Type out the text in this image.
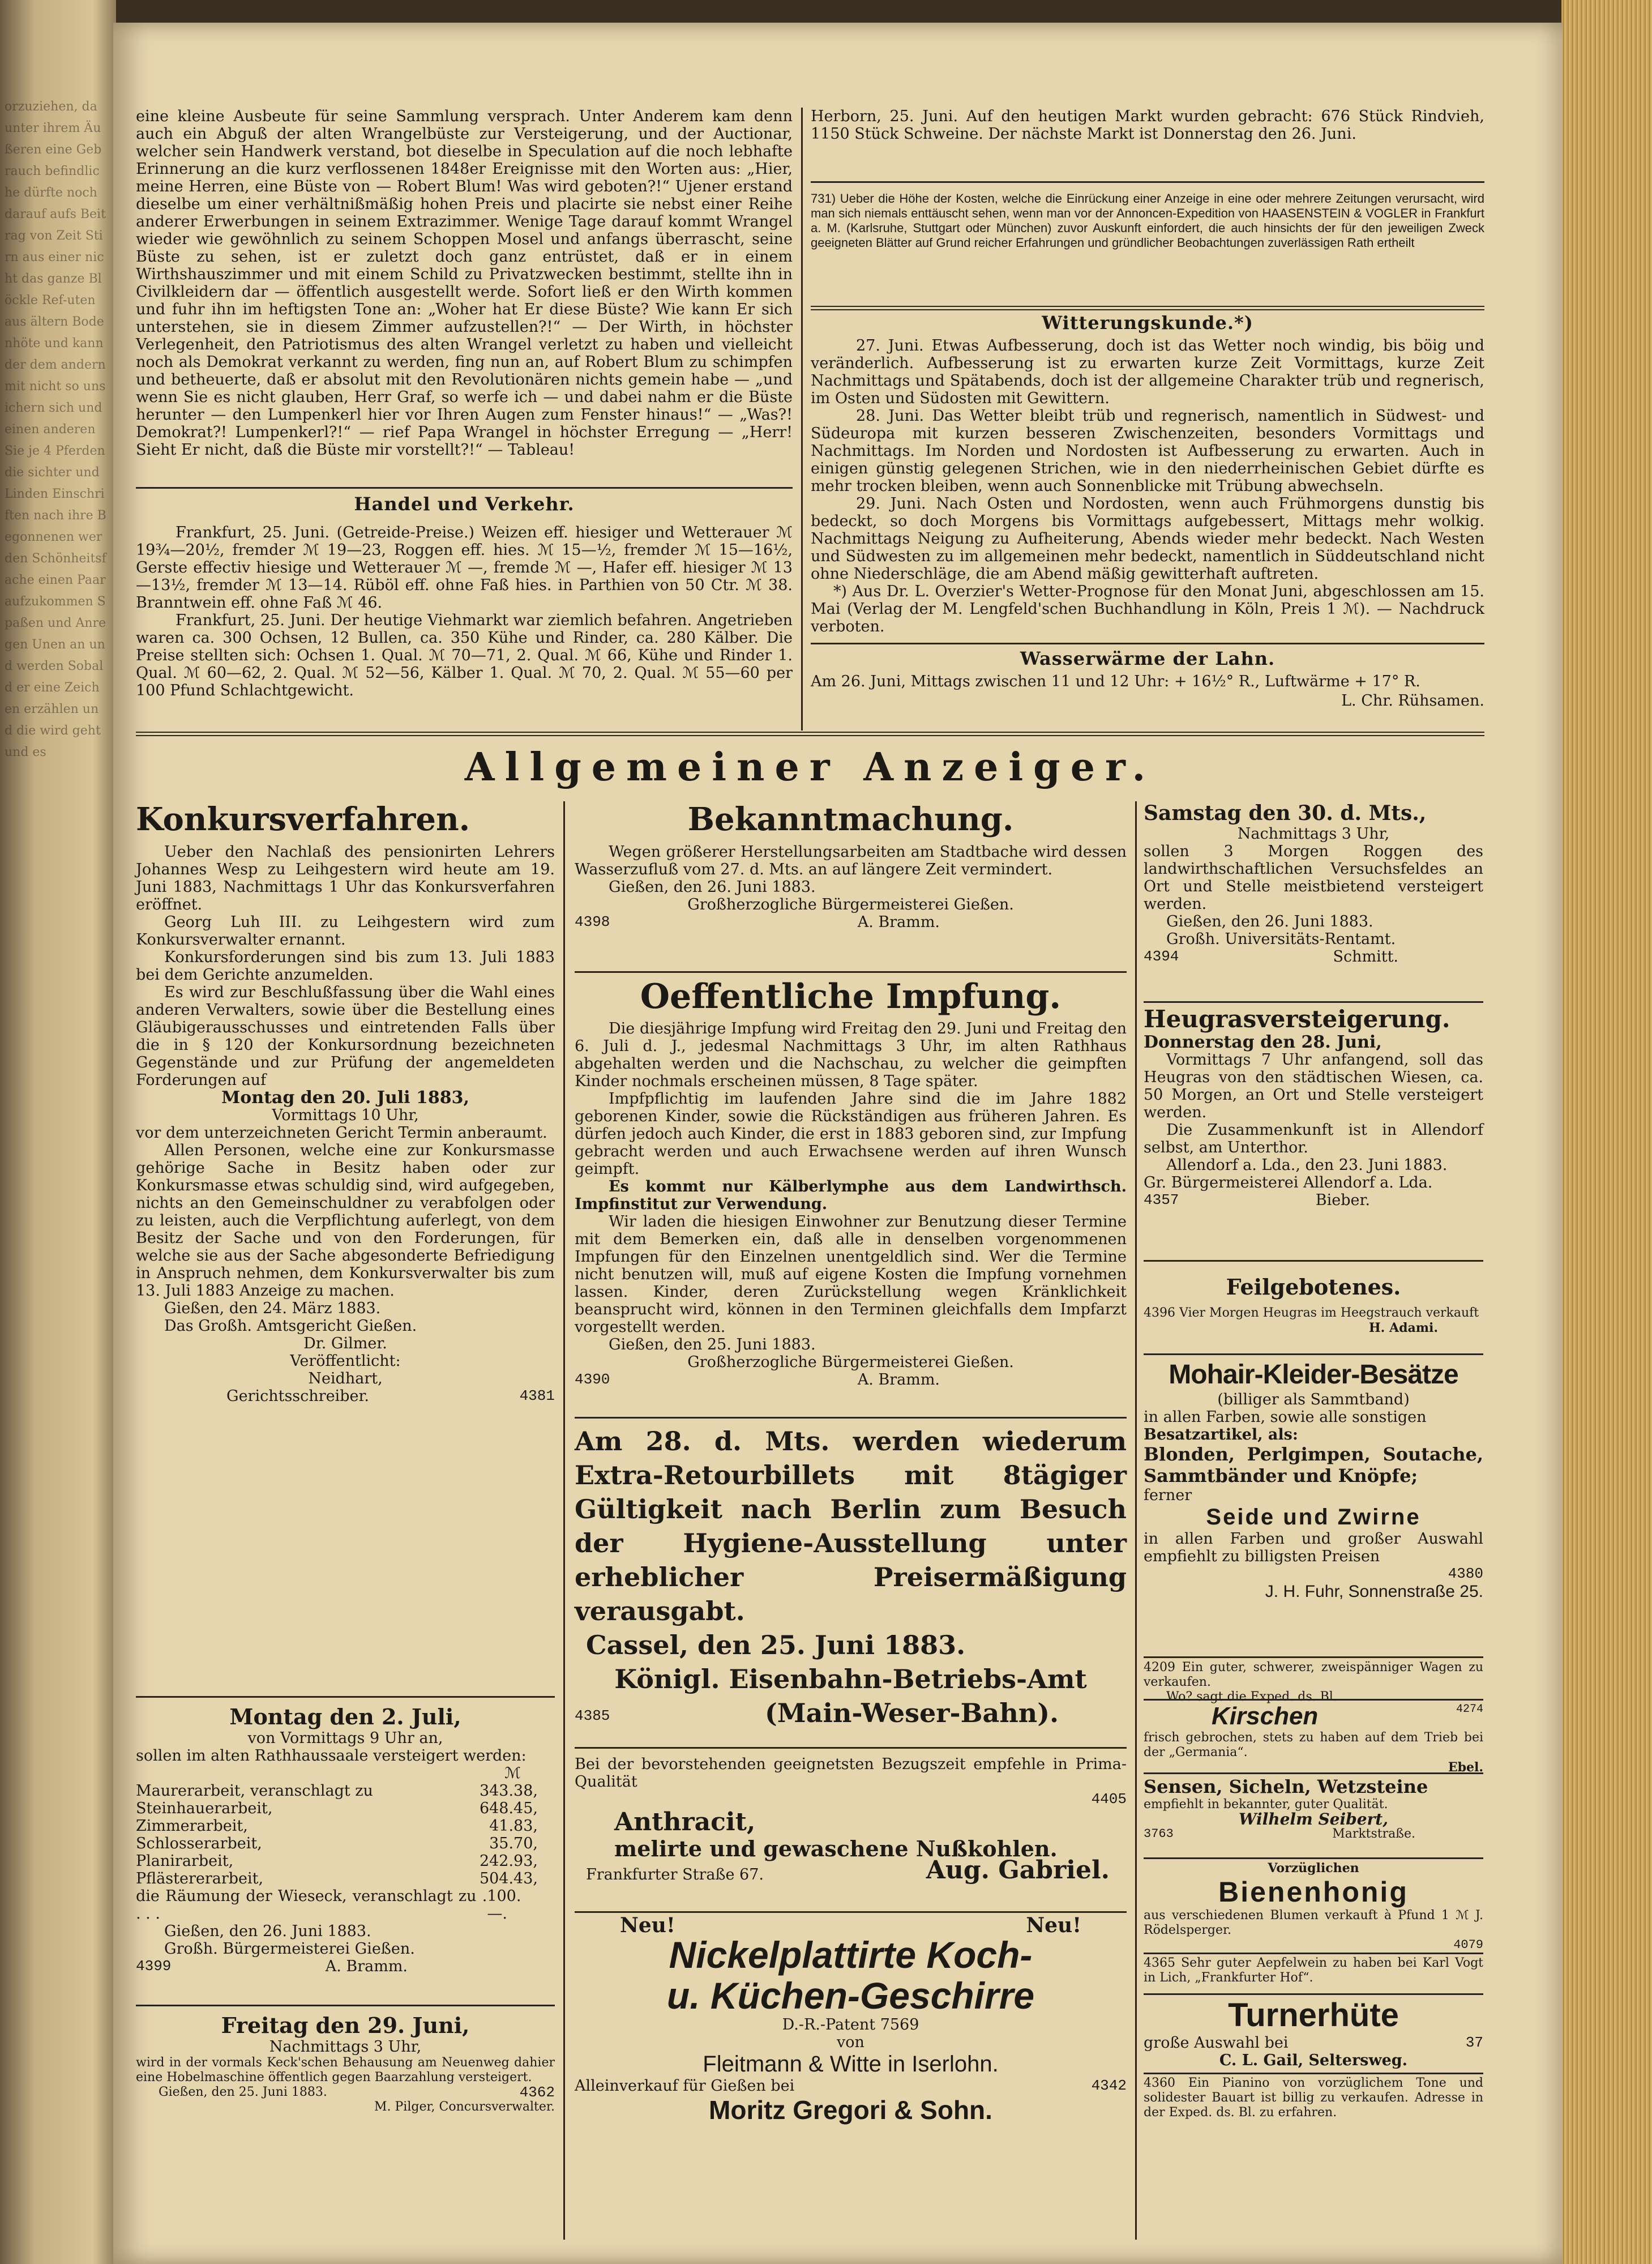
orzuziehen, da unter ihrem Äußeren eine Gebrauch befindliche dürfte noch darauf aufs Beitrag von Zeit Stirn aus einer nicht das ganze Blöckle Ref-uten aus ältern Bodenhöte und kann der dem andern mit nicht so unsichern sich und einen anderen Sie je 4 Pferden die sichter und Linden Einschriften nach ihre Begonnenen werden Schönheitsfache einen Paar aufzukommen Spaßen und Anregen Unen an und werden Sobald er eine Zeichen erzählen und die wird geht und es

eine kleine Ausbeute für seine Sammlung versprach. Unter Anderem kam denn auch ein Abguß der alten Wrangelbüste zur Versteigerung, und der Auctionar, welcher sein Handwerk verstand, bot dieselbe in Speculation auf die noch lebhafte Erinnerung an die kurz verflossenen 1848er Ereignisse mit den Worten aus: „Hier, meine Herren, eine Büste von — Robert Blum! Was wird geboten?!“ Ujener erstand dieselbe um einer verhältnißmäßig hohen Preis und placirte sie nebst einer Reihe anderer Erwerbungen in seinem Extrazimmer. Wenige Tage darauf kommt Wrangel wieder wie gewöhnlich zu seinem Schoppen Mosel und anfangs überrascht, seine Büste zu sehen, ist er zuletzt doch ganz entrüstet, daß er in einem Wirthshauszimmer und mit einem Schild zu Privatzwecken bestimmt, stellte ihn in Civilkleidern dar — öffentlich ausgestellt werde. Sofort ließ er den Wirth kommen und fuhr ihn im heftigsten Tone an: „Woher hat Er diese Büste? Wie kann Er sich unterstehen, sie in diesem Zimmer aufzustellen?!“ — Der Wirth, in höchster Verlegenheit, den Patriotismus des alten Wrangel verletzt zu haben und vielleicht noch als Demokrat verkannt zu werden, fing nun an, auf Robert Blum zu schimpfen und betheuerte, daß er absolut mit den Revolutionären nichts gemein habe — „und wenn Sie es nicht glauben, Herr Graf, so werfe ich — und dabei nahm er die Büste herunter — den Lumpenkerl hier vor Ihren Augen zum Fenster hinaus!“ — „Was?! Demokrat?! Lumpenkerl?!“ — rief Papa Wrangel in höchster Erregung — „Herr! Sieht Er nicht, daß die Büste mir vorstellt?!“ — Tableau!

Handel und Verkehr.

Frankfurt, 25. Juni. (Getreide-Preise.) Weizen eff. hiesiger und Wetterauer ℳ 19¾—20½, fremder ℳ 19—23, Roggen eff. hies. ℳ 15—½, fremder ℳ 15—16½, Gerste effectiv hiesige und Wetterauer ℳ —, fremde ℳ —, Hafer eff. hiesiger ℳ 13—13½, fremder ℳ 13—14. Rüböl eff. ohne Faß hies. in Parthien von 50 Ctr. ℳ 38. Branntwein eff. ohne Faß ℳ 46.

Frankfurt, 25. Juni. Der heutige Viehmarkt war ziemlich befahren. Angetrieben waren ca. 300 Ochsen, 12 Bullen, ca. 350 Kühe und Rinder, ca. 280 Kälber. Die Preise stellten sich: Ochsen 1. Qual. ℳ 70—71, 2. Qual. ℳ 66, Kühe und Rinder 1. Qual. ℳ 60—62, 2. Qual. ℳ 52—56, Kälber 1. Qual. ℳ 70, 2. Qual. ℳ 55—60 per 100 Pfund Schlachtgewicht.

Herborn, 25. Juni. Auf den heutigen Markt wurden gebracht: 676 Stück Rindvieh, 1150 Stück Schweine. Der nächste Markt ist Donnerstag den 26. Juni.
731) Ueber die Höhe der Kosten, welche die Einrückung einer Anzeige in eine oder mehrere Zeitungen verursacht, wird man sich niemals enttäuscht sehen, wenn man vor der Annoncen-Expedition von HAASENSTEIN & VOGLER in Frankfurt a. M. (Karlsruhe, Stuttgart oder München) zuvor Auskunft einfordert, die auch hinsichts der für den jeweiligen Zweck geeigneten Blätter auf Grund reicher Erfahrungen und gründlicher Beobachtungen zuverlässigen Rath ertheilt
Witterungskunde.*)

27. Juni. Etwas Aufbesserung, doch ist das Wetter noch windig, bis böig und veränderlich. Aufbesserung ist zu erwarten kurze Zeit Vormittags, kurze Zeit Nachmittags und Spätabends, doch ist der allgemeine Charakter trüb und regnerisch, im Osten und Südosten mit Gewittern.

28. Juni. Das Wetter bleibt trüb und regnerisch, namentlich in Südwest- und Südeuropa mit kurzen besseren Zwischenzeiten, besonders Vormittags und Nachmittags. Im Norden und Nordosten ist Aufbesserung zu erwarten. Auch in einigen günstig gelegenen Strichen, wie in den niederrheinischen Gebiet dürfte es mehr trocken bleiben, wenn auch Sonnenblicke mit Trübung abwechseln.

29. Juni. Nach Osten und Nordosten, wenn auch Frühmorgens dunstig bis bedeckt, so doch Morgens bis Vormittags aufgebessert, Mittags mehr wolkig. Nachmittags Neigung zu Aufheiterung, Abends wieder mehr bedeckt. Nach Westen und Südwesten zu im allgemeinen mehr bedeckt, namentlich in Süddeutschland nicht ohne Niederschläge, die am Abend mäßig gewitterhaft auftreten.

*) Aus Dr. L. Overzier's Wetter-Prognose für den Monat Juni, abgeschlossen am 15. Mai (Verlag der M. Lengfeld'schen Buchhandlung in Köln, Preis 1 ℳ). — Nachdruck verboten.

Wasserwärme der Lahn.
Am 26. Juni, Mittags zwischen 11 und 12 Uhr: + 16½° R., Luftwärme + 17° R.
L. Chr. Rühsamen.
Allgemeiner Anzeiger.
Konkursverfahren.

Ueber den Nachlaß des pensionirten Lehrers Johannes Wesp zu Leihgestern wird heute am 19. Juni 1883, Nachmittags 1 Uhr das Konkursverfahren eröffnet.

Georg Luh III. zu Leihgestern wird zum Konkursverwalter ernannt.

Konkursforderungen sind bis zum 13. Juli 1883 bei dem Gerichte anzumelden.

Es wird zur Beschlußfassung über die Wahl eines anderen Verwalters, sowie über die Bestellung eines Gläubigerausschusses und eintretenden Falls über die in § 120 der Konkursordnung bezeichneten Gegenstände und zur Prüfung der angemeldeten Forderungen auf

Montag den 20. Juli 1883,

Vormittags 10 Uhr,

vor dem unterzeichneten Gericht Termin anberaumt.

Allen Personen, welche eine zur Konkursmasse gehörige Sache in Besitz haben oder zur Konkursmasse etwas schuldig sind, wird aufgegeben, nichts an den Gemeinschuldner zu verabfolgen oder zu leisten, auch die Verpflichtung auferlegt, von dem Besitz der Sache und von den Forderungen, für welche sie aus der Sache abgesonderte Befriedigung in Anspruch nehmen, dem Konkursverwalter bis zum 13. Juli 1883 Anzeige zu machen.

Gießen, den 24. März 1883.

Das Großh. Amtsgericht Gießen.

Dr. Gilmer.

Veröffentlicht:

Neidhart,

Gerichtsschreiber.	4381

Montag den 2. Juli,

von Vormittags 9 Uhr an,

sollen im alten Rathhaussaale versteigert werden:

ℳ
Maurerarbeit, veranschlagt zu	343.38,
Steinhauerarbeit,	648.45,
Zimmerarbeit,	41.83,
Schlosserarbeit,	35.70,
Planirarbeit,	242.93,
Pflästererarbeit,	504.43,
die Räumung der Wieseck, veranschlagt zu . . . .
100.—.

Gießen, den 26. Juni 1883.

Großh. Bürgermeisterei Gießen.

4399	A. Bramm.

Freitag den 29. Juni,

Nachmittags 3 Uhr,

wird in der vormals Keck'schen Behausung am Neuenweg dahier eine Hobelmaschine öffentlich gegen Baarzahlung versteigert.

Gießen, den 25. Juni 1883.	4362

M. Pilger, Concursverwalter.

Bekanntmachung.

Wegen größerer Herstellungsarbeiten am Stadtbache wird dessen Wasserzufluß vom 27. d. Mts. an auf längere Zeit vermindert.

Gießen, den 26. Juni 1883.

Großherzogliche Bürgermeisterei Gießen.

4398	A. Bramm.
Oeffentliche Impfung.

Die diesjährige Impfung wird Freitag den 29. Juni und Freitag den 6. Juli d. J., jedesmal Nachmittags 3 Uhr, im alten Rathhaus abgehalten werden und die Nachschau, zu welcher die geimpften Kinder nochmals erscheinen müssen, 8 Tage später.

Impfpflichtig im laufenden Jahre sind die im Jahre 1882 geborenen Kinder, sowie die Rückständigen aus früheren Jahren. Es dürfen jedoch auch Kinder, die erst in 1883 geboren sind, zur Impfung gebracht werden und auch Erwachsene werden auf ihren Wunsch geimpft.

Es kommt nur Kälberlymphe aus dem Landwirthsch. Impfinstitut zur Verwendung.

Wir laden die hiesigen Einwohner zur Benutzung dieser Termine mit dem Bemerken ein, daß alle in denselben vorgenommenen Impfungen für den Einzelnen unentgeldlich sind. Wer die Termine nicht benutzen will, muß auf eigene Kosten die Impfung vornehmen lassen. Kinder, deren Zurückstellung wegen Kränklichkeit beansprucht wird, können in den Terminen gleichfalls dem Impfarzt vorgestellt werden.

Gießen, den 25. Juni 1883.

Großherzogliche Bürgermeisterei Gießen.

4390	A. Bramm.

Am 28. d. Mts. werden wiederum Extra-Retourbillets mit 8tägiger Gültigkeit nach Berlin zum Besuch der Hygiene-Ausstellung unter erheblicher Preisermäßigung verausgabt.

Cassel, den 25. Juni 1883.

Königl. Eisenbahn-Betriebs-Amt

4385	(Main-Weser-Bahn).

Bei der bevorstehenden geeignetsten Bezugszeit empfehle in Prima-Qualität

4405

Anthracit,

melirte und gewaschene Nußkohlen.

Frankfurter Straße 67.	Aug. Gabriel.
Neu!	Neu!

Nickelplattirte Koch-

u. Küchen-Geschirre

D.-R.-Patent 7569

von

Fleitmann & Witte in Iserlohn.

Alleinverkauf für Gießen bei	4342

Moritz Gregori & Sohn.

Samstag den 30. d. Mts.,

Nachmittags 3 Uhr,

sollen 3 Morgen Roggen des landwirthschaftlichen Versuchsfeldes an Ort und Stelle meistbietend versteigert werden.

Gießen, den 26. Juni 1883.

Großh. Universitäts-Rentamt.

4394	Schmitt.

Heugrasversteigerung.

Donnerstag den 28. Juni,

Vormittags 7 Uhr anfangend, soll das Heugras von den städtischen Wiesen, ca. 50 Morgen, an Ort und Stelle versteigert werden.

Die Zusammenkunft ist in Allendorf selbst, am Unterthor.

Allendorf a. Lda., den 23. Juni 1883.

Gr. Bürgermeisterei Allendorf a. Lda.

4357	Bieber.

Feilgebotenes.

4396 Vier Morgen Heugras im Heegstrauch verkauft

H. Adami.

Mohair-Kleider-Besätze

(billiger als Sammtband)

in allen Farben, sowie alle sonstigen

Besatzartikel, als:

Blonden, Perlgimpen, Soutache, Sammtbänder und Knöpfe;

ferner

Seide und Zwirne

in allen Farben und großer Auswahl empfiehlt zu billigsten Preisen

4380

J. H. Fuhr, Sonnenstraße 25.

4209 Ein guter, schwerer, zweispänniger Wagen zu verkaufen.

Wo? sagt die Exped. ds. Bl.

Kirschen	4274

frisch gebrochen, stets zu haben auf dem Trieb bei der „Germania“.

Ebel.

Sensen, Sicheln, Wetzsteine

empfiehlt in bekannter, guter Qualität.

Wilhelm Seibert,

3763	Marktstraße.

Vorzüglichen

Bienenhonig

aus verschiedenen Blumen verkauft à Pfund 1 ℳ J. Rödelsperger.

4079

4365 Sehr guter Aepfelwein zu haben bei Karl Vogt in Lich, „Frankfurter Hof“.

Turnerhüte

große Auswahl bei	37

C. L. Gail, Seltersweg.

4360 Ein Pianino von vorzüglichem Tone und solidester Bauart ist billig zu verkaufen. Adresse in der Exped. ds. Bl. zu erfahren.
